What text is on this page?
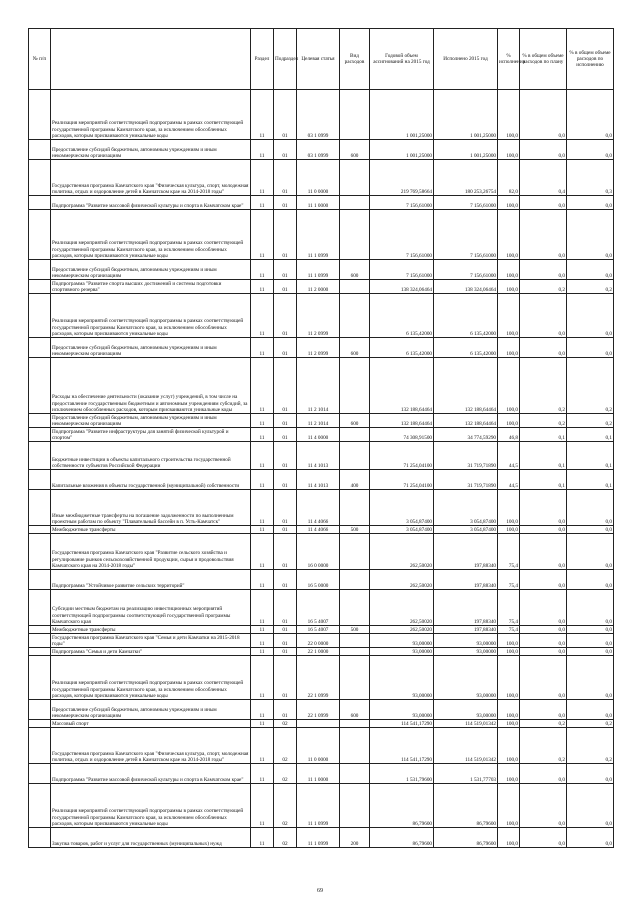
№ п/п		Раздел	Подраздел	Целевая статья	Вид расходов	Годовой объем ассигнований на 2015 год	Исполнено 2015 год	% исполнения	% в общем объеме расходов по плану	% в общем объеме расходов по исполнению
	Реализация мероприятий соответствующей подпрограммы в рамках соответствующей государственной программы Камчатского края, за исключением обособленных расходов, которым присваиваются уникальные коды	11	01	03 1 0999		1 001,25000	1 001,25000	100,0	0,0	0,0
	Предоставление субсидий бюджетным, автономным учреждениям и иным некоммерческим организациям	11	01	03 1 0999	600	1 001,25000	1 001,25000	100,0	0,0	0,0
	Государственная программа Камчатского края "Физическая культура, спорт, молодежная политика, отдых и оздоровление детей в Камчатском крае на 2014-2018 годы"	11	01	11 0 0000		219 769,58664	180 253,26754	82,0	0,4	0,3
	Подпрограмма "Развитие массовой физической культуры и спорта в Камчатском крае"	11	01	11 1 0000		7 156,61000	7 156,61000	100,0	0,0	0,0
	Реализация мероприятий соответствующей подпрограммы в рамках соответствующей государственной программы Камчатского края, за исключением обособленных расходов, которым присваиваются уникальные коды	11	01	11 1 0999		7 156,61000	7 156,61000	100,0	0,0	0,0
	Предоставление субсидий бюджетным, автономным учреждениям и иным некоммерческим организациям	11	01	11 1 0999	600	7 156,61000	7 156,61000	100,0	0,0	0,0
	Подпрограмма "Развитие спорта высших достижений и системы подготовки спортивного резерва"	11	01	11 2 0000		138 324,06464	138 324,06464	100,0	0,2	0,2
	Реализация мероприятий соответствующей подпрограммы в рамках соответствующей государственной программы Камчатского края, за исключением обособленных расходов, которым присваиваются уникальные коды	11	01	11 2 0999		6 135,42000	6 135,42000	100,0	0,0	0,0
	Предоставление субсидий бюджетным, автономным учреждениям и иным некоммерческим организациям	11	01	11 2 0999	600	6 135,42000	6 135,42000	100,0	0,0	0,0
	Расходы на обеспечение деятельности (оказание услуг) учреждений, в том числе на предоставление государственным бюджетным и автономным учреждениям субсидий, за исключением обособленных расходов, которым присваиваются уникальные коды	11	01	11 2 1014		132 188,64464	132 188,64464	100,0	0,2	0,2
	Предоставление субсидий бюджетным, автономным учреждениям и иным некоммерческим организациям	11	01	11 2 1014	600	132 188,64464	132 188,64464	100,0	0,2	0,2
	Подпрограмма "Развитие инфраструктуры для занятий физической культурой и спортом"	11	01	11 4 0000		74 308,91500	34 774,59290	46,8	0,1	0,1
	Бюджетные инвестиции в объекты капитального строительства государственной собственности субъектов Российской Федерации	11	01	11 4 1013		71 254,04100	31 719,71890	44,5	0,1	0,1
	Капитальные вложения в объекты государственной (муниципальной) собственности	11	01	11 4 1013	400	71 254,04100	31 719,71890	44,5	0,1	0,1
	Иные межбюджетные трансферты на погашение задолженности по выполненным проектным работам по объекту "Плавательный бассейн в п. Усть-Камчатск"	11	01	11 4 4066		3 054,87400	3 054,87400	100,0	0,0	0,0
	Межбюджетные трансферты	11	01	11 4 4066	500	3 054,87400	3 054,87400	100,0	0,0	0,0
	Государственная программа Камчатского края "Развитие сельского хозяйства и регулирование рынков сельскохозяйственной продукции, сырья и продовольствия Камчатского края на 2014-2018 годы"	11	01	16 0 0000		262,50020	197,88340	75,4	0,0	0,0
	Подпрограмма "Устойчивое развитие сельских территорий"	11	01	16 5 0000		262,50020	197,88340	75,4	0,0	0,0
	Субсидии местным бюджетам на реализацию инвестиционных мероприятий соответствующей подпрограммы соответствующей государственной программы Камчатского края	11	01	16 5 4007		262,50020	197,88340	75,4	0,0	0,0
	Межбюджетные трансферты	11	01	16 5 4007	500	262,50020	197,88340	75,4	0,0	0,0
	Государственная программа Камчатского края "Семья и дети Камчатки на 2015-2018 годы"	11	01	22 0 0000		93,00000	93,00000	100,0	0,0	0,0
	Подпрограмма "Семья и дети Камчатки"	11	01	22 1 0000		93,00000	93,00000	100,0	0,0	0,0
	Реализация мероприятий соответствующей подпрограммы в рамках соответствующей государственной программы Камчатского края, за исключением обособленных расходов, которым присваиваются уникальные коды	11	01	22 1 0999		93,00000	93,00000	100,0	0,0	0,0
	Предоставление субсидий бюджетным, автономным учреждениям и иным некоммерческим организациям	11	01	22 1 0999	600	93,00000	93,00000	100,0	0,0	0,0
	Массовый спорт	11	02			114 541,17290	114 519,01342	100,0	0,2	0,2
	Государственная программа Камчатского края "Физическая культура, спорт, молодежная политика, отдых и оздоровление детей в Камчатском крае на 2014-2018 годы"	11	02	11 0 0000		114 541,17290	114 519,01342	100,0	0,2	0,2
	Подпрограмма "Развитие массовой физической культуры и спорта в Камчатском крае"	11	02	11 1 0000		1 531,79600	1 531,77703	100,0	0,0	0,0
	Реализация мероприятий соответствующей подпрограммы в рамках соответствующей государственной программы Камчатского края, за исключением обособленных расходов, которым присваиваются уникальные коды	11	02	11 1 0999		86,79600	86,79600	100,0	0,0	0,0
	Закупка товаров, работ и услуг для государственных (муниципальных) нужд	11	02	11 1 0999	200	86,79600	86,79600	100,0	0,0	0,0
69
